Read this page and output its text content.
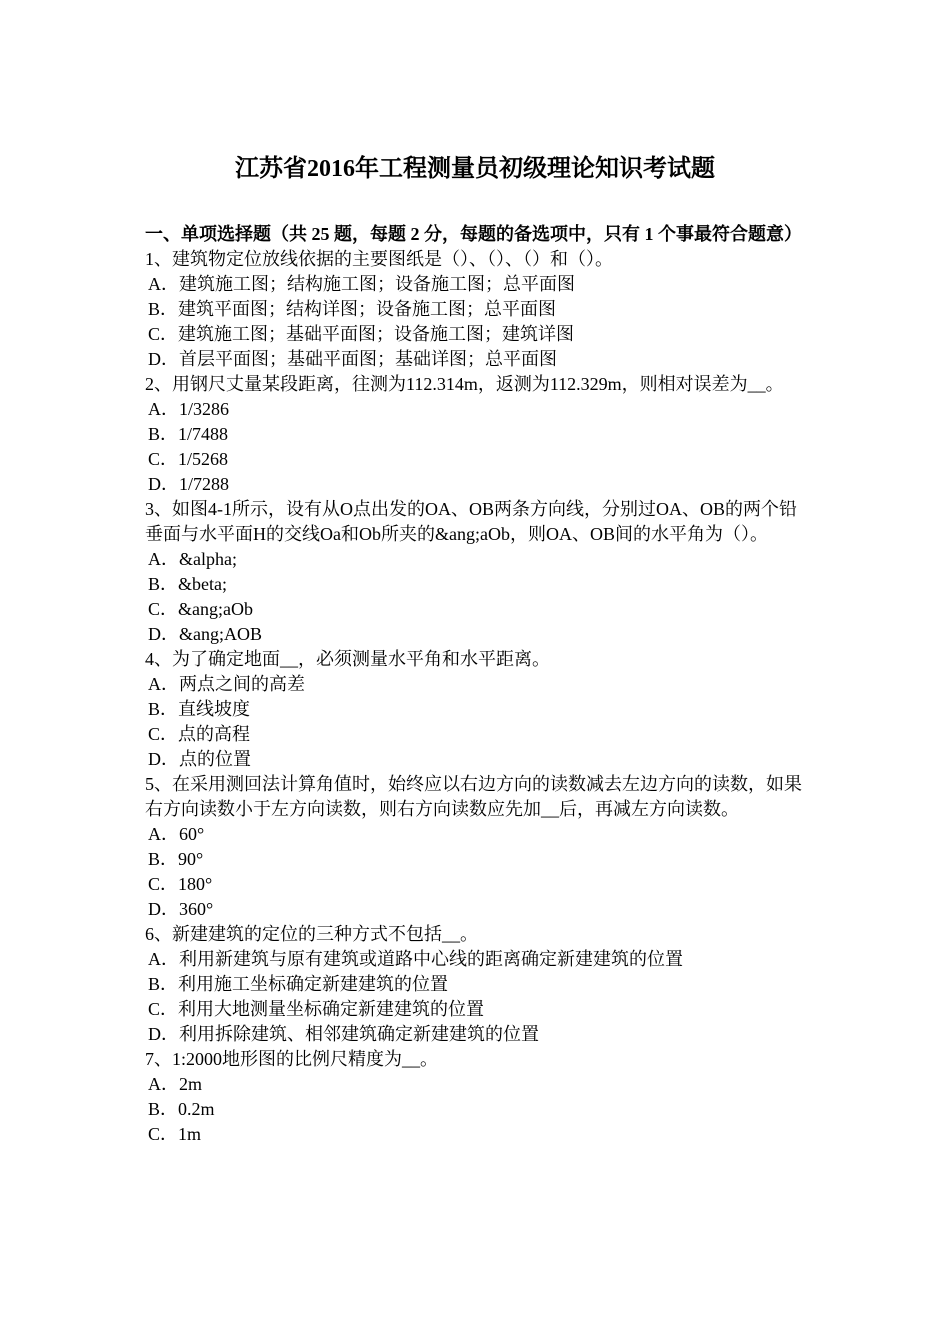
江苏省2016年工程测量员初级理论知识考试题
一、单项选择题（共 25 题，每题 2 分，每题的备选项中，只有 1 个事最符合题意）
1、建筑物定位放线依据的主要图纸是（）、（）、（）和（）。
A．建筑施工图；结构施工图；设备施工图；总平面图
B．建筑平面图；结构详图；设备施工图；总平面图
C．建筑施工图；基础平面图；设备施工图；建筑详图
D．首层平面图；基础平面图；基础详图；总平面图
2、用钢尺丈量某段距离，往测为112.314m，返测为112.329m，则相对误差为__。
A．1/3286
B．1/7488
C．1/5268
D．1/7288
3、如图4-1所示，设有从O点出发的OA、OB两条方向线，分别过OA、OB的两个铅垂面与水平面H的交线Oa和Ob所夹的&ang;aOb，则OA、OB间的水平角为（）。
A．&alpha;
B．&beta;
C．&ang;aOb
D．&ang;AOB
4、为了确定地面__，必须测量水平角和水平距离。
A．两点之间的高差
B．直线坡度
C．点的高程
D．点的位置
5、在采用测回法计算角值时，始终应以右边方向的读数减去左边方向的读数，如果右方向读数小于左方向读数，则右方向读数应先加__后，再减左方向读数。
A．60°
B．90°
C．180°
D．360°
6、新建建筑的定位的三种方式不包括__。
A．利用新建筑与原有建筑或道路中心线的距离确定新建建筑的位置
B．利用施工坐标确定新建建筑的位置
C．利用大地测量坐标确定新建建筑的位置
D．利用拆除建筑、相邻建筑确定新建建筑的位置
7、1:2000地形图的比例尺精度为__。
A．2m
B．0.2m
C．1m
